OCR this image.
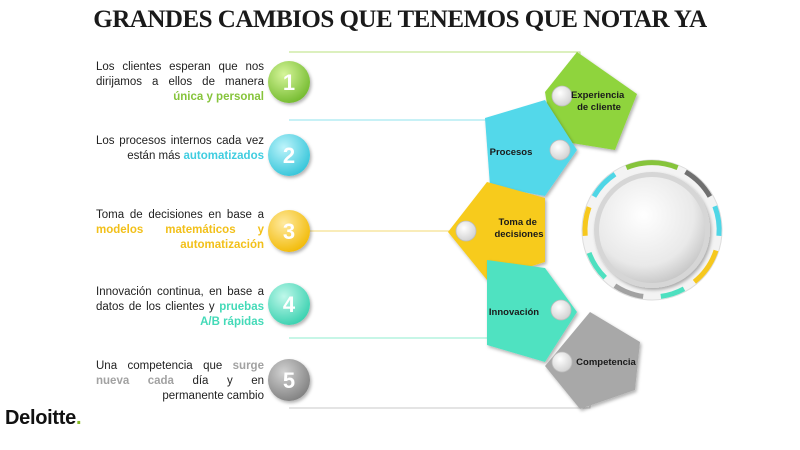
GRANDES CAMBIOS QUE TENEMOS QUE NOTAR YA
Experiencia de cliente
Procesos
Toma de decisiones
Innovación
Competencia
1
2
3
4
5
Los clientes esperan que nos dirijamos a ellos de manera única y personal
Los procesos internos cada vez están más automatizados
Toma de decisiones en base a modelos matemáticos y automatización
Innovación continua, en base a datos de los clientes y pruebas A/B rápidas
Una competencia que surge nueva cada día y en permanente cambio
Deloitte.
